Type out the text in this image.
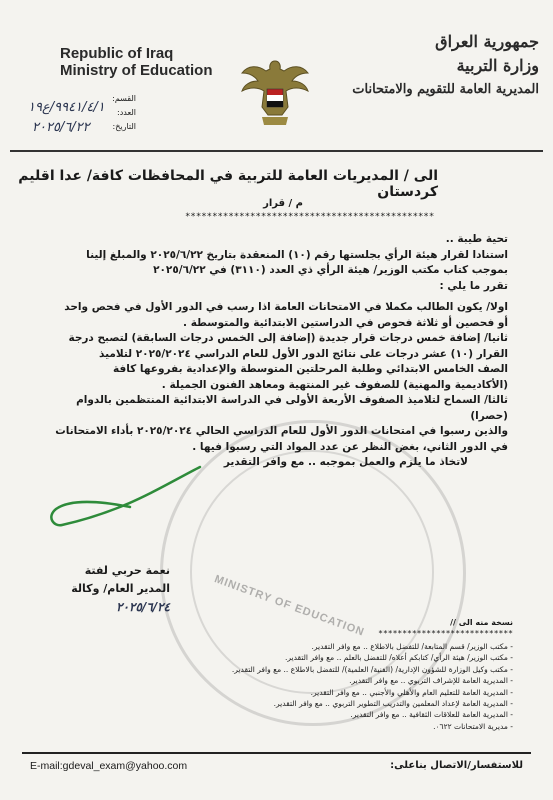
MINISTRY OF EDUCATION
Republic of Iraq
Ministry of Education
جمهورية العراق
وزارة التربية
المديرية العامة للتقويم والامتحانات
القسم:
العدد:
التاريخ:
٩٩٤١/٤/١/ع١٩
٢٠٢٥/٦/٢٢
الى / المديريات العامة للتربية في المحافظات كافة/ عدا اقليم كردستان
م / قرار
**********************************************

تحية طيبة ..

استنادا لقرار هيئة الرأي بجلستها رقم (١٠) المنعقدة بتاريخ ٢٠٢٥/٦/٢٢ والمبلغ إلينا

بموجب كتاب مكتب الوزير/ هيئة الرأي ذي العدد (٣١١٠) في ٢٠٢٥/٦/٢٢

تقرر ما يلي :

اولا/ يكون الطالب مكملا في الامتحانات العامة اذا رسب في الدور الأول في فحص واحد

أو فحصين أو ثلاثة فحوص في الدراستين الابتدائية والمتوسطة .

ثانيا/ إضافة خمس درجات قرار جديدة (إضافة إلى الخمس درجات السابقة) لتصبح درجة

القرار (١٠) عشر درجات على نتائج الدور الأول للعام الدراسي ٢٠٢٥/٢٠٢٤ لتلاميذ

الصف الخامس الابتدائي وطلبة المرحلتين المتوسطة والإعدادية بفروعها كافة

(الأكاديمية والمهنية) للصفوف غير المنتهية ومعاهد الفنون الجميلة .

ثالثا/ السماح لتلاميذ الصفوف الأربعة الأولى في الدراسة الابتدائية المنتظمين بالدوام (حصرا)

والذين رسبوا في امتحانات الدور الأول للعام الدراسي الحالي ٢٠٢٥/٢٠٢٤ بأداء الامتحانات

في الدور الثاني، بغض النظر عن عدد المواد التي رسبوا فيها .

لاتخاذ ما يلزم والعمل بموجبه .. مع وافر التقدير

نعمة حربي لفتة
المدير العام/ وكالة
٢٠٢٥/٦/٢٤
نسخة منه الى //
****************************
- مكتب الوزير/ قسم المتابعة/ للتفضل بالاطلاع .. مع وافر التقدير.
- مكتب الوزير/ هيئة الرأي/ كتابكم أعلاه/ للتفضل بالعلم .. مع وافر التقدير.
- مكتب وكيل الوزارة للشؤون الإدارية/ (الفنية/ العلمية)/ للتفضل بالاطلاع .. مع وافر التقدير.
- المديرية العامة للإشراف التربوي .. مع وافر التقدير.
- المديرية العامة للتعليم العام والأهلي والأجنبي .. مع وافر التقدير.
- المديرية العامة لإعداد المعلمين والتدريب التطوير التربوي .. مع وافر التقدير.
- المديرية العامة للعلاقات الثقافية .. مع وافر التقدير.
- مديرية الامتحانات ٠٦٢٢.
E-mail:gdeval_exam@yahoo.com	للاستفسار/الاتصال بناعلى:
